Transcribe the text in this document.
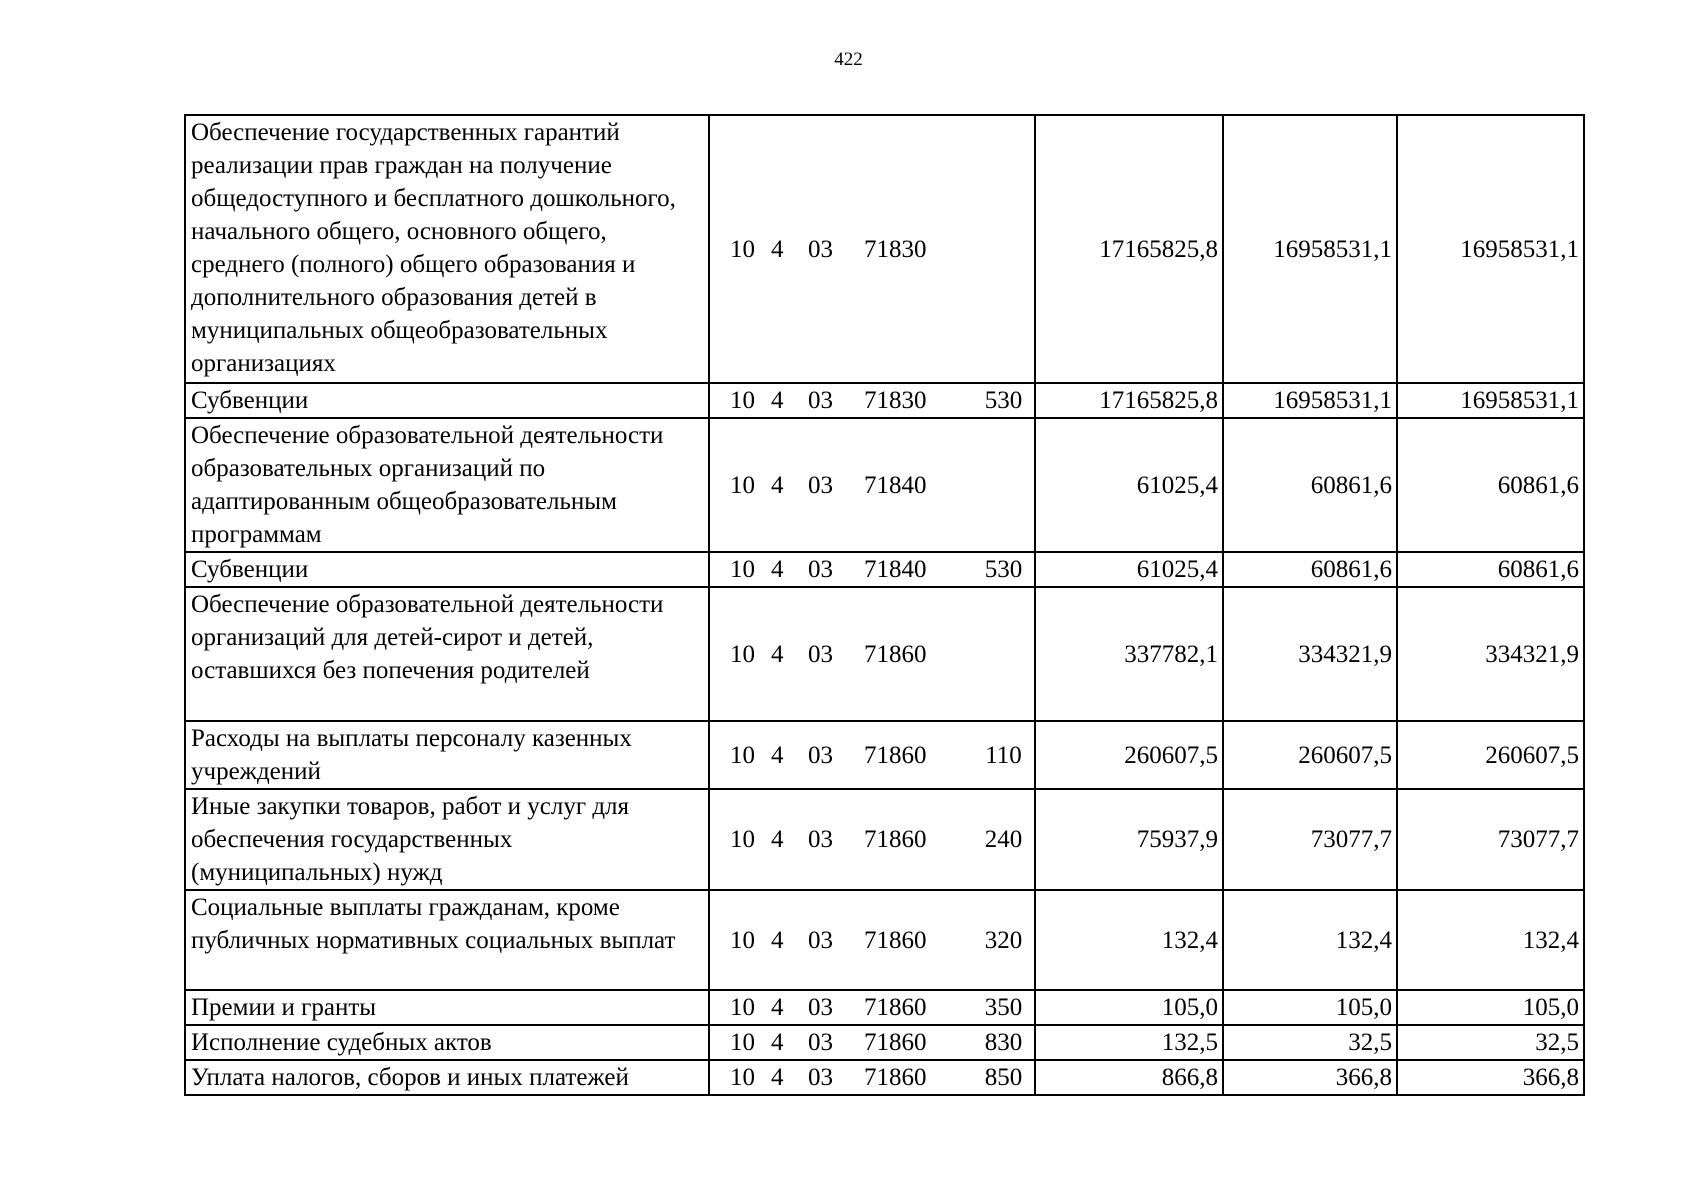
422
Обеспечение государственных гарантий реализации прав граждан на получение общедоступного и бесплатного дошкольного, начального общего, основного общего, среднего (полного) общего образования и дополнительного образования детей в муниципальных общеобразовательных организациях	10	4	03	71830		17165825,8	16958531,1	16958531,1
Субвенции	10	4	03	71830	530	17165825,8	16958531,1	16958531,1
Обеспечение образовательной деятельности образовательных организаций по адаптированным общеобразовательным программам	10	4	03	71840		61025,4	60861,6	60861,6
Субвенции	10	4	03	71840	530	61025,4	60861,6	60861,6
Обеспечение образовательной деятельности организаций для детей-сирот и детей, оставшихся без попечения родителей	10	4	03	71860		337782,1	334321,9	334321,9
Расходы на выплаты персоналу казенных учреждений	10	4	03	71860	110	260607,5	260607,5	260607,5
Иные закупки товаров, работ и услуг для обеспечения государственных (муниципальных) нужд	10	4	03	71860	240	75937,9	73077,7	73077,7
Социальные выплаты гражданам, кроме публичных нормативных социальных выплат	10	4	03	71860	320	132,4	132,4	132,4
Премии и гранты	10	4	03	71860	350	105,0	105,0	105,0
Исполнение судебных актов	10	4	03	71860	830	132,5	32,5	32,5
Уплата налогов, сборов и иных платежей	10	4	03	71860	850	866,8	366,8	366,8
